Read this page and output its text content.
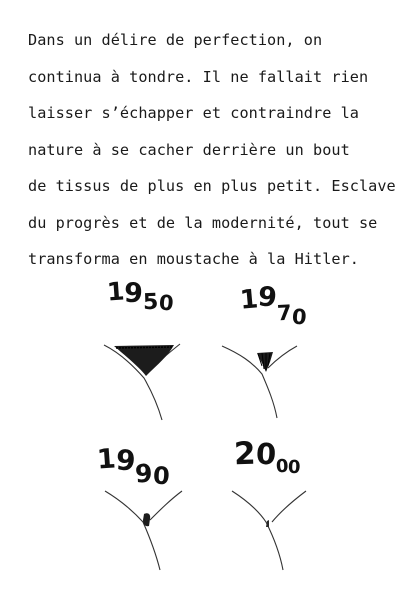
Dans un délire de perfection, on
continua à tondre. Il ne fallait rien
laisser s’échapper et contraindre la
nature à se cacher derrière un bout
de tissus de plus en plus petit. Esclave
du progrès et de la modernité, tout se
transforma en moustache à la Hitler.
1950 1970
1990
2000
